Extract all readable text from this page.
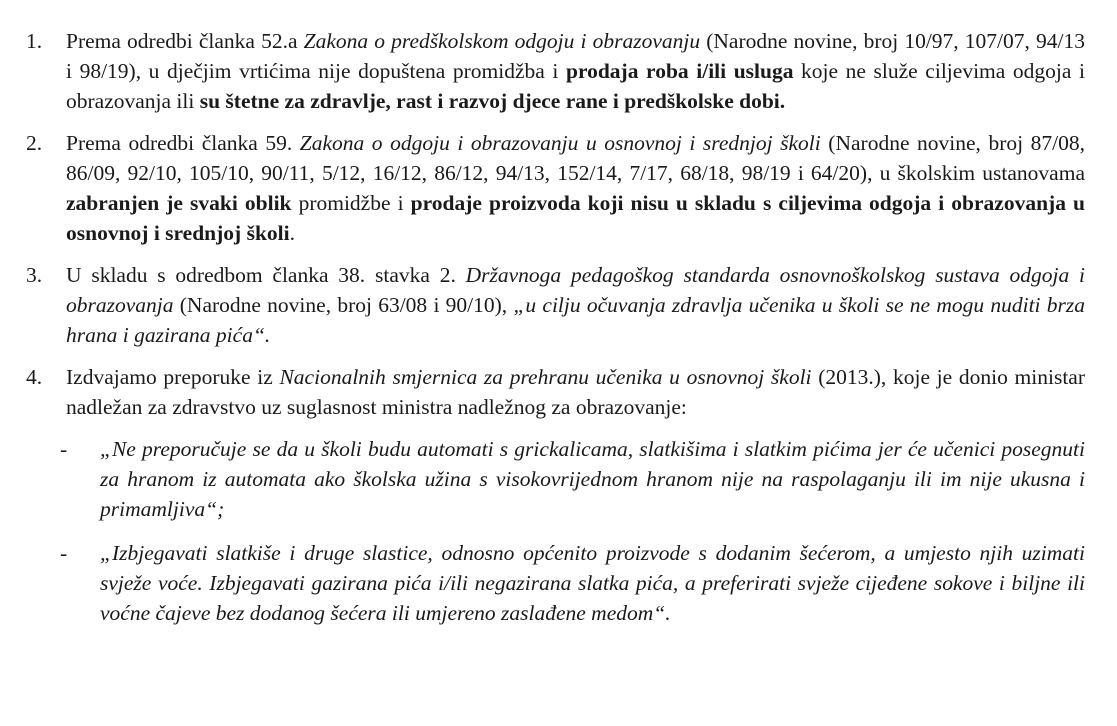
1. Prema odredbi članka 52.a Zakona o predškolskom odgoju i obrazovanju (Narodne novine, broj 10/97, 107/07, 94/13 i 98/19), u dječjim vrtićima nije dopuštena promidžba i prodaja roba i/ili usluga koje ne služe ciljevima odgoja i obrazovanja ili su štetne za zdravlje, rast i razvoj djece rane i predškolske dobi.

2. Prema odredbi članka 59. Zakona o odgoju i obrazovanju u osnovnoj i srednjoj školi (Narodne novine, broj 87/08, 86/09, 92/10, 105/10, 90/11, 5/12, 16/12, 86/12, 94/13, 152/14, 7/17, 68/18, 98/19 i 64/20), u školskim ustanovama zabranjen je svaki oblik promidžbe i prodaje proizvoda koji nisu u skladu s ciljevima odgoja i obrazovanja u osnovnoj i srednjoj školi.

3. U skladu s odredbom članka 38. stavka 2. Državnoga pedagoškog standarda osnovnoškolskog sustava odgoja i obrazovanja (Narodne novine, broj 63/08 i 90/10), „u cilju očuvanja zdravlja učenika u školi se ne mogu nuditi brza hrana i gazirana pića“.

4. Izdvajamo preporuke iz Nacionalnih smjernica za prehranu učenika u osnovnoj školi (2013.), koje je donio ministar nadležan za zdravstvo uz suglasnost ministra nadležnog za obrazovanje:

- „Ne preporučuje se da u školi budu automati s grickalicama, slatkišima i slatkim pićima jer će učenici posegnuti za hranom iz automata ako školska užina s visokovrijednom hranom nije na raspolaganju ili im nije ukusna i primamljiva“;

- „Izbjegavati slatkiše i druge slastice, odnosno općenito proizvode s dodanim šećerom, a umjesto njih uzimati svježe voće. Izbjegavati gazirana pića i/ili negazirana slatka pića, a preferirati svježe cijeđene sokove i biljne ili voćne čajeve bez dodanog šećera ili umjereno zaslađene medom“.
